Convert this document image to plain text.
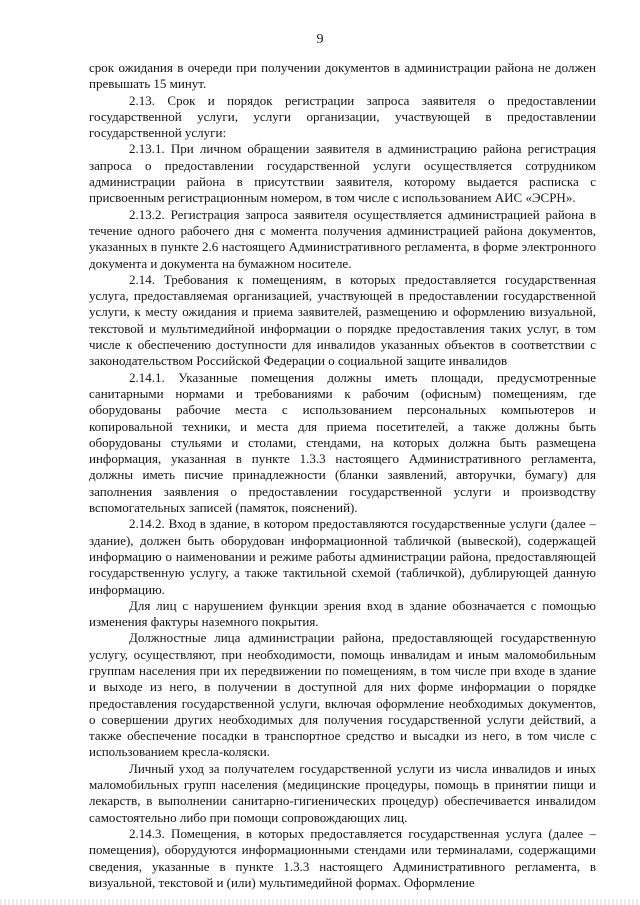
9

срок ожидания в очереди при получении документов в администрации района не должен превышать 15 минут.

2.13. Срок и порядок регистрации запроса заявителя о предоставлении государственной услуги, услуги организации, участвующей в предоставлении государственной услуги:

2.13.1. При личном обращении заявителя в администрацию района регистрация запроса о предоставлении государственной услуги осуществляется сотрудником администрации района в присутствии заявителя, которому выдается расписка с присвоенным регистрационным номером, в том числе с использованием АИС «ЭСРН».

2.13.2. Регистрация запроса заявителя осуществляется администрацией района в течение одного рабочего дня с момента получения администрацией района документов, указанных в пункте 2.6 настоящего Административного регламента, в форме электронного документа и документа на бумажном носителе.

2.14. Требования к помещениям, в которых предоставляется государственная услуга, предоставляемая организацией, участвующей в предоставлении государственной услуги, к месту ожидания и приема заявителей, размещению и оформлению визуальной, текстовой и мультимедийной информации о порядке предоставления таких услуг, в том числе к обеспечению доступности для инвалидов указанных объектов в соответствии с законодательством Российской Федерации о социальной защите инвалидов

2.14.1. Указанные помещения должны иметь площади, предусмотренные санитарными нормами и требованиями к рабочим (офисным) помещениям, где оборудованы рабочие места с использованием персональных компьютеров и копировальной техники, и места для приема посетителей, а также должны быть оборудованы стульями и столами, стендами, на которых должна быть размещена информация, указанная в пункте 1.3.3 настоящего Административного регламента, должны иметь писчие принадлежности (бланки заявлений, авторучки, бумагу) для заполнения заявления о предоставлении государственной услуги и производству вспомогательных записей (памяток, пояснений).

2.14.2. Вход в здание, в котором предоставляются государственные услуги (далее – здание), должен быть оборудован информационной табличкой (вывеской), содержащей информацию о наименовании и режиме работы администрации района, предоставляющей государственную услугу, а также тактильной схемой (табличкой), дублирующей данную информацию.

Для лиц с нарушением функции зрения вход в здание обозначается с помощью изменения фактуры наземного покрытия.

Должностные лица администрации района, предоставляющей государственную услугу, осуществляют, при необходимости, помощь инвалидам и иным маломобильным группам населения при их передвижении по помещениям, в том числе при входе в здание и выходе из него, в получении в доступной для них форме информации о порядке предоставления государственной услуги, включая оформление необходимых документов, о совершении других необходимых для получения государственной услуги действий, а также обеспечение посадки в транспортное средство и высадки из него, в том числе с использованием кресла-коляски.

Личный уход за получателем государственной услуги из числа инвалидов и иных маломобильных групп населения (медицинские процедуры, помощь в принятии пищи и лекарств, в выполнении санитарно-гигиенических процедур) обеспечивается инвалидом самостоятельно либо при помощи сопровождающих лиц.

2.14.3. Помещения, в которых предоставляется государственная услуга (далее – помещения), оборудуются информационными стендами или терминалами, содержащими сведения, указанные в пункте 1.3.3 настоящего Административного регламента, в визуальной, текстовой и (или) мультимедийной формах. Оформление
